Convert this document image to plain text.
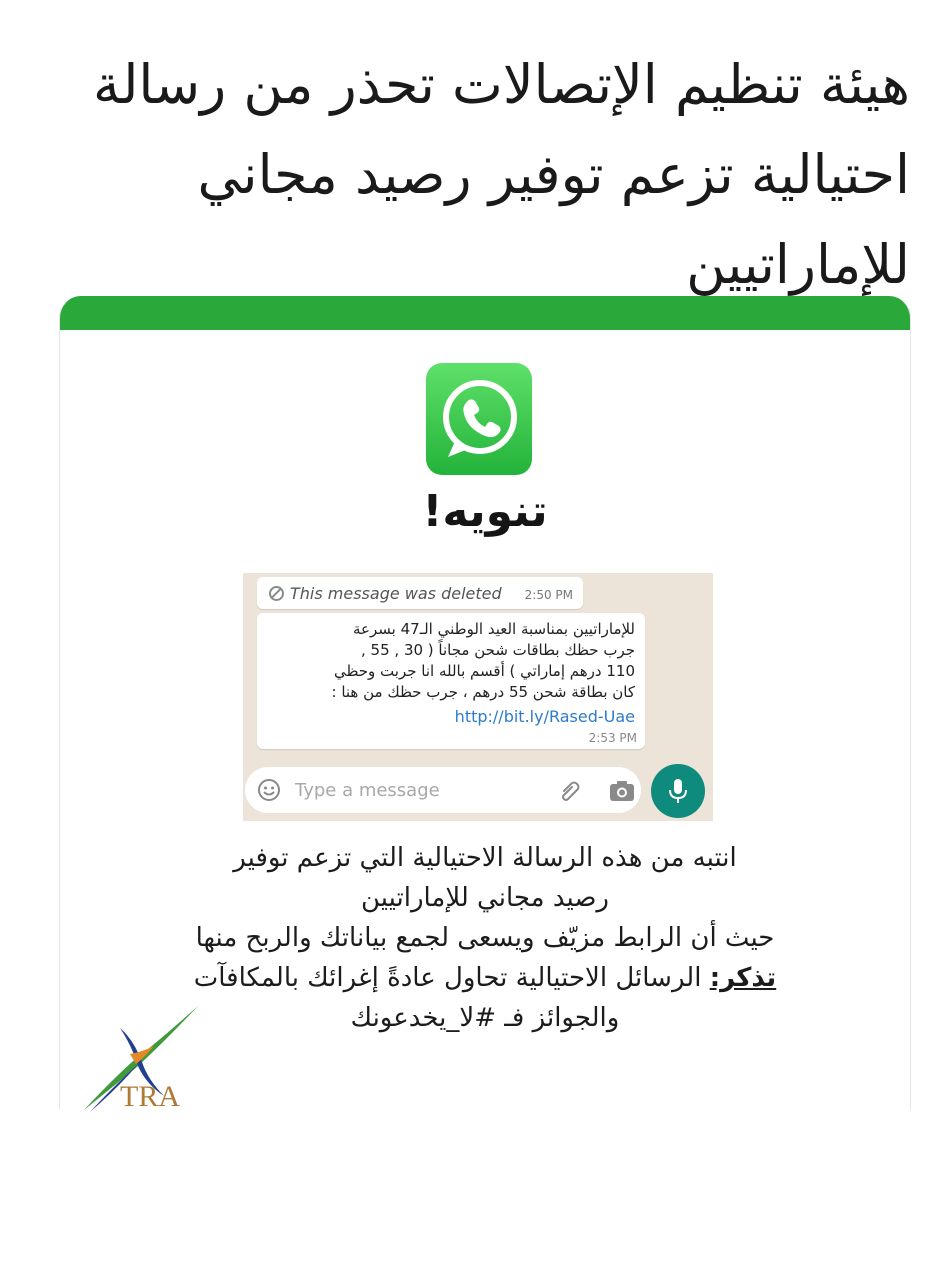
هيئة تنظيم الإتصالات تحذر من رسالة
احتيالية تزعم توفير رصيد مجاني
للإماراتيين
تنويه!
This message was deleted 2:50 PM
للإماراتيين بمناسبة العيد الوطني الـ47 بسرعة
جرب حظك بطاقات شحن مجاناً ( 30 , 55 ,
110 درهم إماراتي ) أقسم بالله انا جربت وحظي
كان بطاقة شحن 55 درهم ، جرب حظك من هنا :
http://bit.ly/Rased-Uae
2:53 PM
Type a message
انتبه من هذه الرسالة الاحتيالية التي تزعم توفير
رصيد مجاني للإماراتيين
حيث أن الرابط مزيّف ويسعى لجمع بياناتك والربح منها
تذكر: الرسائل الاحتيالية تحاول عادةً إغرائك بالمكافآت
والجوائز فـ #لا_يخدعونك
TRA
